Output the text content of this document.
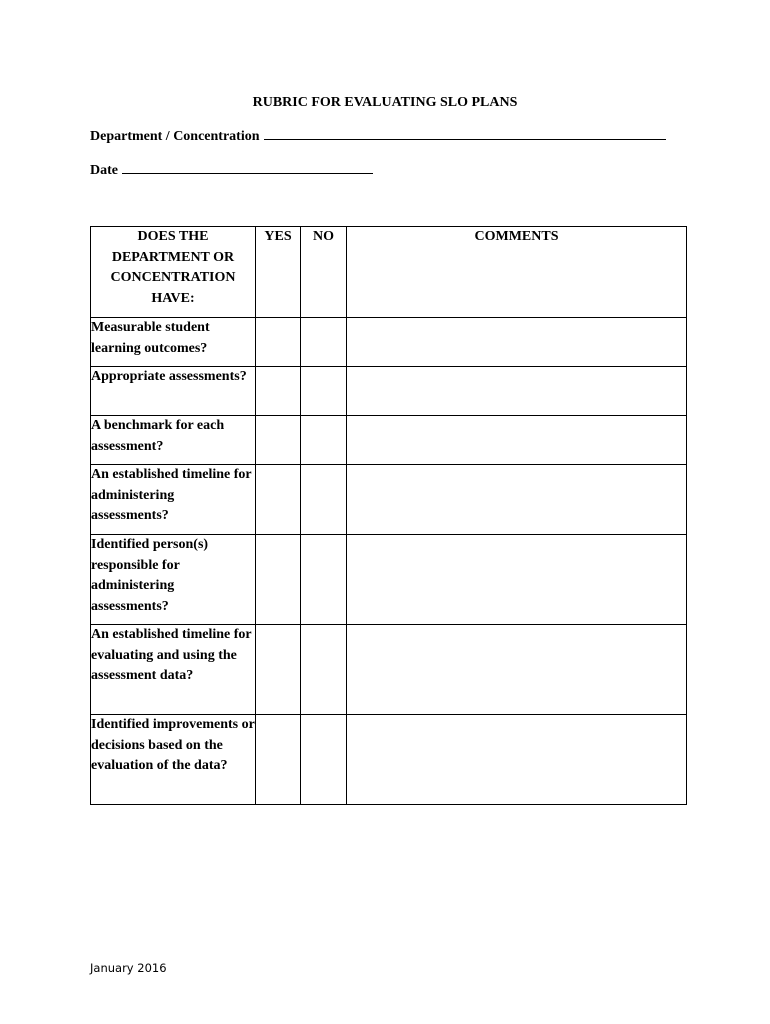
RUBRIC FOR EVALUATING SLO PLANS
Department / Concentration
Date
DOES THE DEPARTMENT OR CONCENTRATION HAVE:	YES	NO	COMMENTS
Measurable student learning outcomes?			
Appropriate assessments?			
A benchmark for each assessment?			
An established timeline for administering assessments?			
Identified person(s) responsible for administering assessments?			
An established timeline for evaluating and using the assessment data?			
Identified improvements or decisions based on the evaluation of the data?			
January 2016
